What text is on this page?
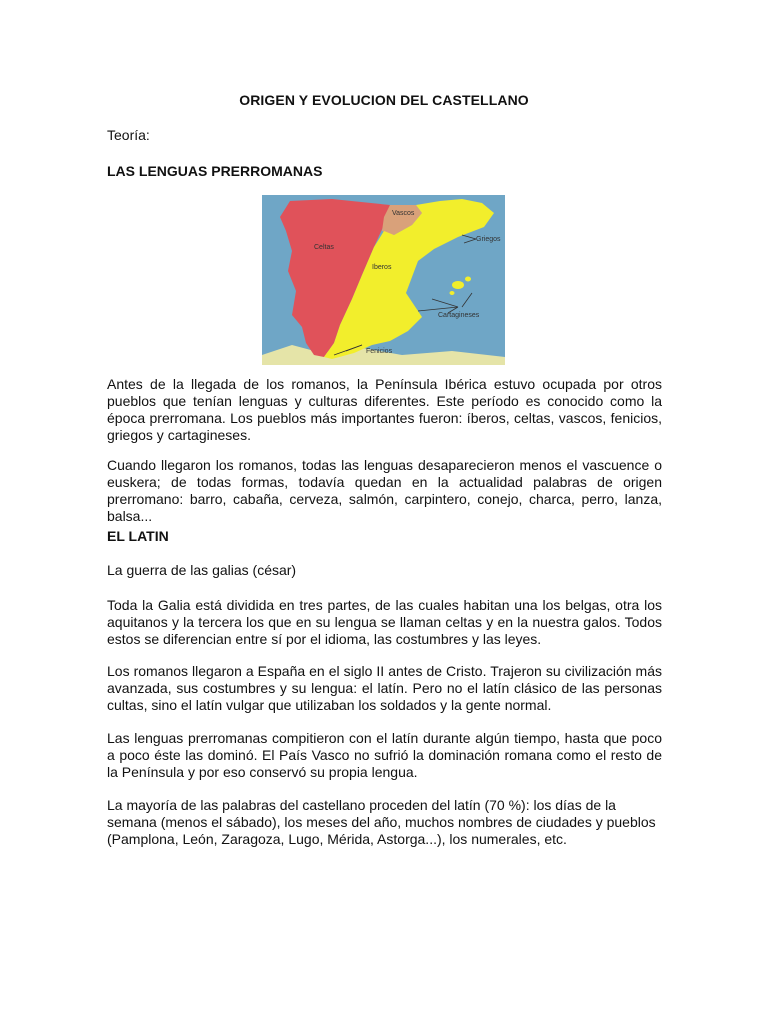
ORIGEN Y EVOLUCION DEL CASTELLANO
Teoría:
LAS LENGUAS PRERROMANAS
Vascos
Celtas
Iberos
Griegos
Cartagineses
Fenicios
Antes de la llegada de los romanos, la Península Ibérica estuvo ocupada por otros pueblos que tenían lenguas y culturas diferentes. Este período es conocido como la época prerromana. Los pueblos más importantes fueron: íberos, celtas, vascos, fenicios, griegos y cartagineses.
Cuando llegaron los romanos, todas las lenguas desaparecieron menos el vascuence o euskera; de todas formas, todavía quedan en la actualidad palabras de origen prerromano: barro, cabaña, cerveza, salmón, carpintero, conejo, charca, perro, lanza, balsa...
EL LATIN
La guerra de las galias (césar)
Toda la Galia está dividida en tres partes, de las cuales habitan una los belgas, otra los aquitanos y la tercera los que en su lengua se llaman celtas y en la nuestra galos. Todos estos se diferencian entre sí por el idioma, las costumbres y las leyes.
Los romanos llegaron a España en el siglo II antes de Cristo. Trajeron su civilización más avanzada, sus costumbres y su lengua: el latín. Pero no el latín clásico de las personas cultas, sino el latín vulgar que utilizaban los soldados y la gente normal.
Las lenguas prerromanas compitieron con el latín durante algún tiempo, hasta que poco a poco éste las dominó. El País Vasco no sufrió la dominación romana como el resto de la Península y por eso conservó su propia lengua.
La mayoría de las palabras del castellano proceden del latín (70 %): los días de la semana (menos el sábado), los meses del año, muchos nombres de ciudades y pueblos (Pamplona, León, Zaragoza, Lugo, Mérida, Astorga...), los numerales, etc.
